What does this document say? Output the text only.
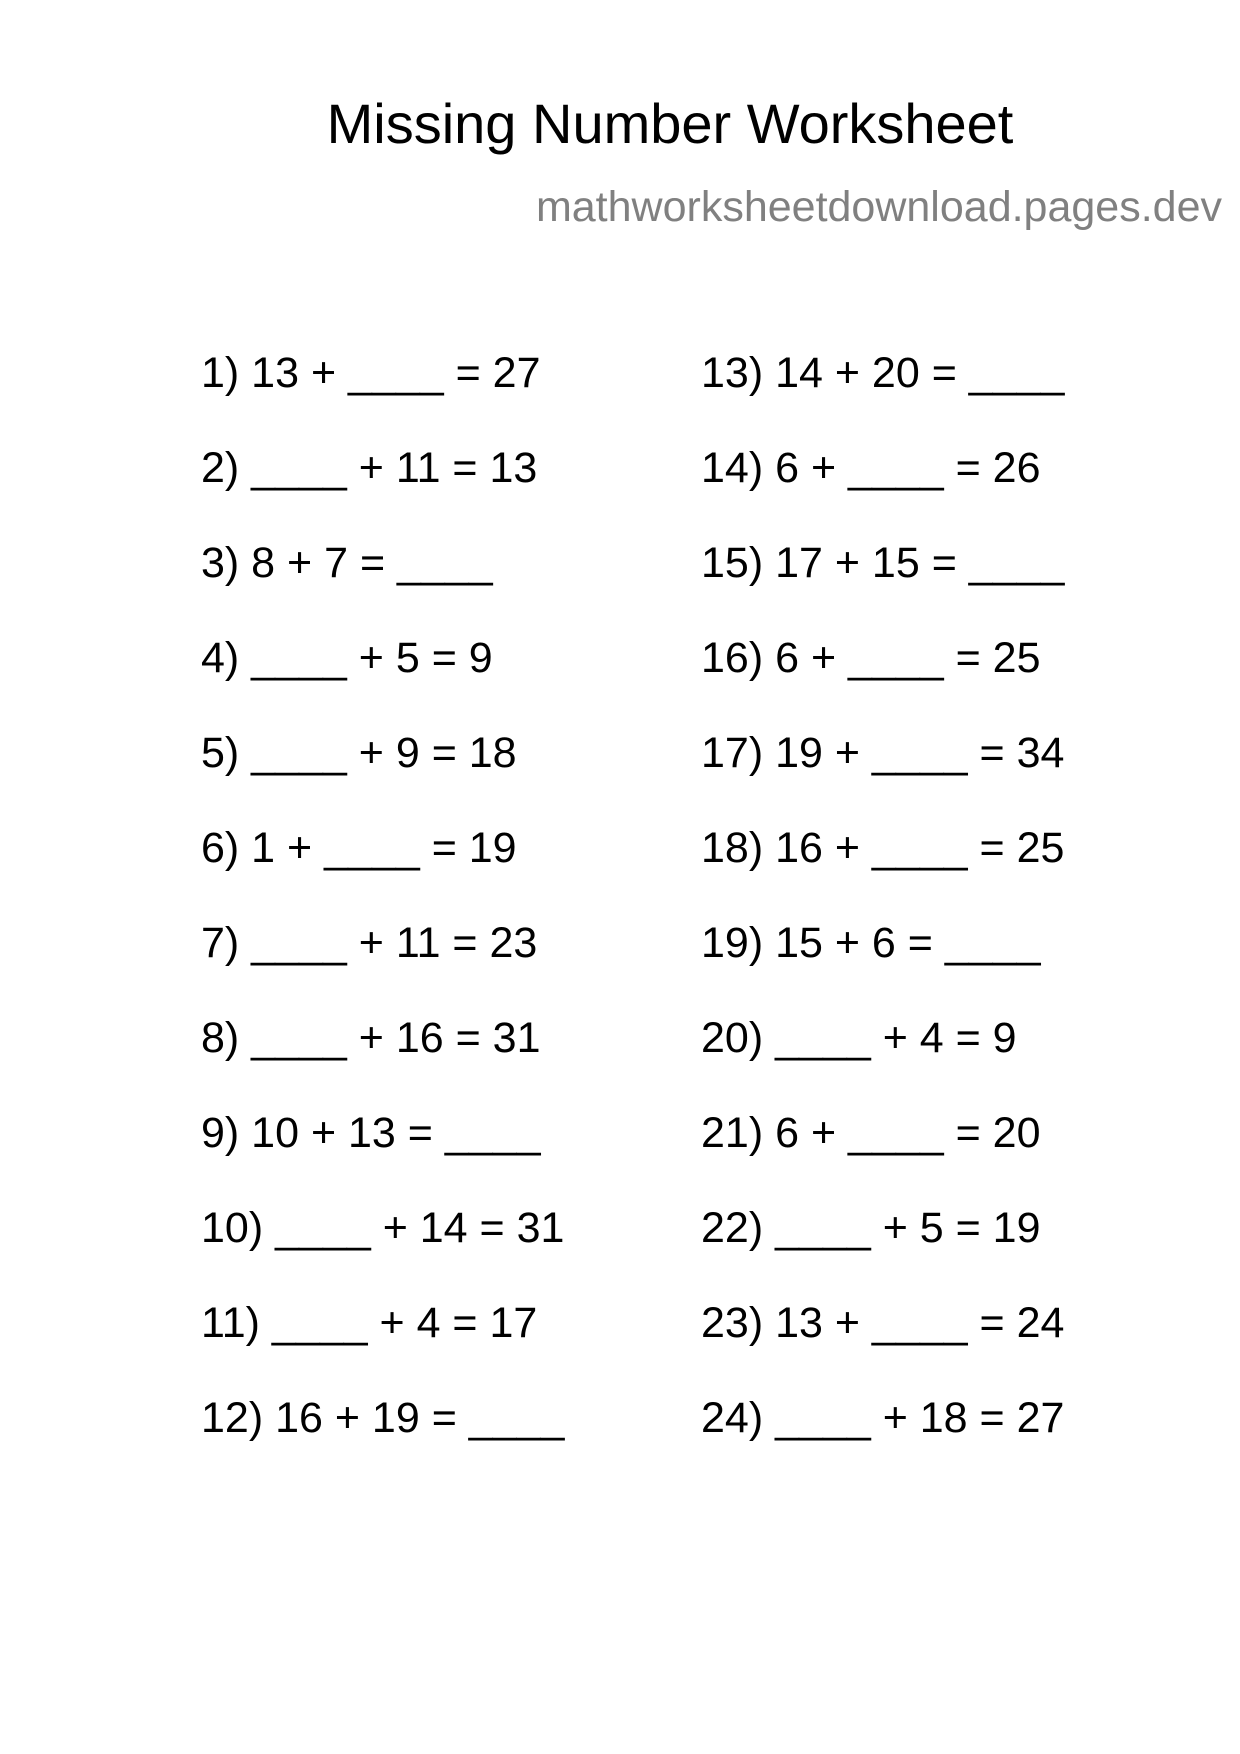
Missing Number Worksheet
mathworksheetdownload.pages.dev
1) 13 + ____ = 27
2) ____ + 11 = 13
3) 8 + 7 = ____
4) ____ + 5 = 9
5) ____ + 9 = 18
6) 1 + ____ = 19
7) ____ + 11 = 23
8) ____ + 16 = 31
9) 10 + 13 = ____
10) ____ + 14 = 31
11) ____ + 4 = 17
12) 16 + 19 = ____
13) 14 + 20 = ____
14) 6 + ____ = 26
15) 17 + 15 = ____
16) 6 + ____ = 25
17) 19 + ____ = 34
18) 16 + ____ = 25
19) 15 + 6 = ____
20) ____ + 4 = 9
21) 6 + ____ = 20
22) ____ + 5 = 19
23) 13 + ____ = 24
24) ____ + 18 = 27
